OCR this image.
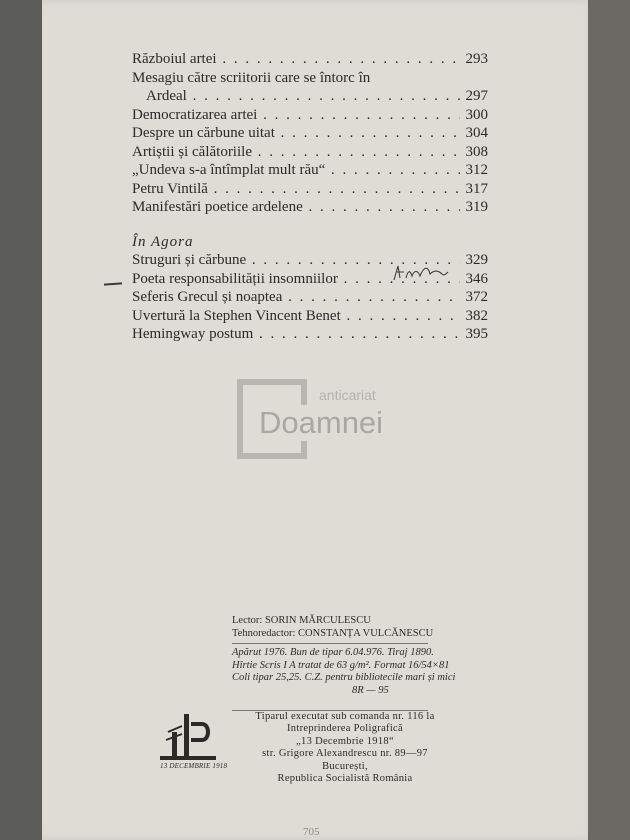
Războiul artei . . .	293
Mesagiu către scriitorii care se întorc în
Ardeal . . .	297
Democratizarea artei . . .	300
Despre un cărbune uitat . . .	304
Artiștii și călătoriile . . .	308
„Undeva s-a întîmplat mult rău“ . . .	312
Petru Vintilă . . .	317
Manifestări poetice ardelene . . .	319
În Agora
Struguri și cărbune . . .	329
Poeta responsabilității insomniilor . . .	346
Seferis Grecul și noaptea . . .	372
Uvertură la Stephen Vincent Benet . . .	382
Hemingway postum . . .	395
anticariat
Doamnei
Lector: SORIN MĂRCULESCU
Tehnoredactor: CONSTANȚA VULCĂNESCU
Apărut 1976. Bun de tipar 6.04.976. Tiraj 1890.
Hîrtie Scris I A tratat de 63 g/m². Format 16/54×81
Coli tipar 25,25. C.Z. pentru bibliotecile mari și mici
8R — 95
13 DECEMBRIE 1918
Tiparul executat sub comanda nr. 116 la
Intreprinderea Poligrafică
„13 Decembrie 1918“
str. Grigore Alexandrescu nr. 89—97
București,
Republica Socialistă România
705
